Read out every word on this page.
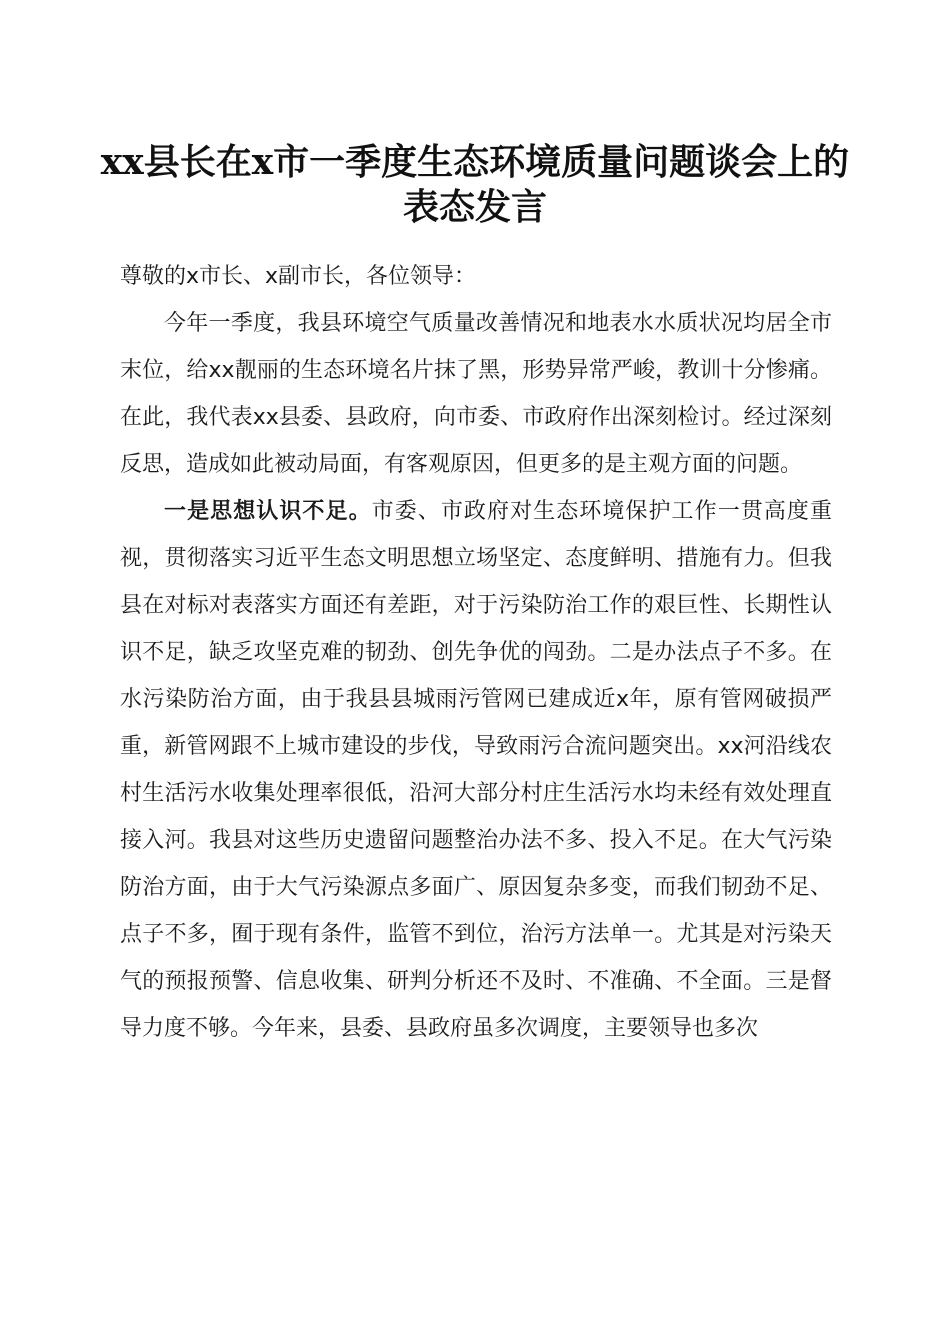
xx县长在x市一季度生态环境质量问题谈会上的表态发言

尊敬的x市长、x副市长，各位领导：

今年一季度，我县环境空气质量改善情况和地表水水质状况均居全市末位，给xx靓丽的生态环境名片抹了黑，形势异常严峻，教训十分惨痛。在此，我代表xx县委、县政府，向市委、市政府作出深刻检讨。经过深刻反思，造成如此被动局面，有客观原因，但更多的是主观方面的问题。

一是思想认识不足。市委、市政府对生态环境保护工作一贯高度重视，贯彻落实习近平生态文明思想立场坚定、态度鲜明、措施有力。但我县在对标对表落实方面还有差距，对于污染防治工作的艰巨性、长期性认识不足，缺乏攻坚克难的韧劲、创先争优的闯劲。二是办法点子不多。在水污染防治方面，由于我县县城雨污管网已建成近x年，原有管网破损严重，新管网跟不上城市建设的步伐，导致雨污合流问题突出。xx河沿线农村生活污水收集处理率很低，沿河大部分村庄生活污水均未经有效处理直接入河。我县对这些历史遗留问题整治办法不多、投入不足。在大气污染防治方面，由于大气污染源点多面广、原因复杂多变，而我们韧劲不足、点子不多，囿于现有条件，监管不到位，治污方法单一。尤其是对污染天气的预报预警、信息收集、研判分析还不及时、不准确、不全面。三是督导力度不够。今年来，县委、县政府虽多次调度，主要领导也多次
